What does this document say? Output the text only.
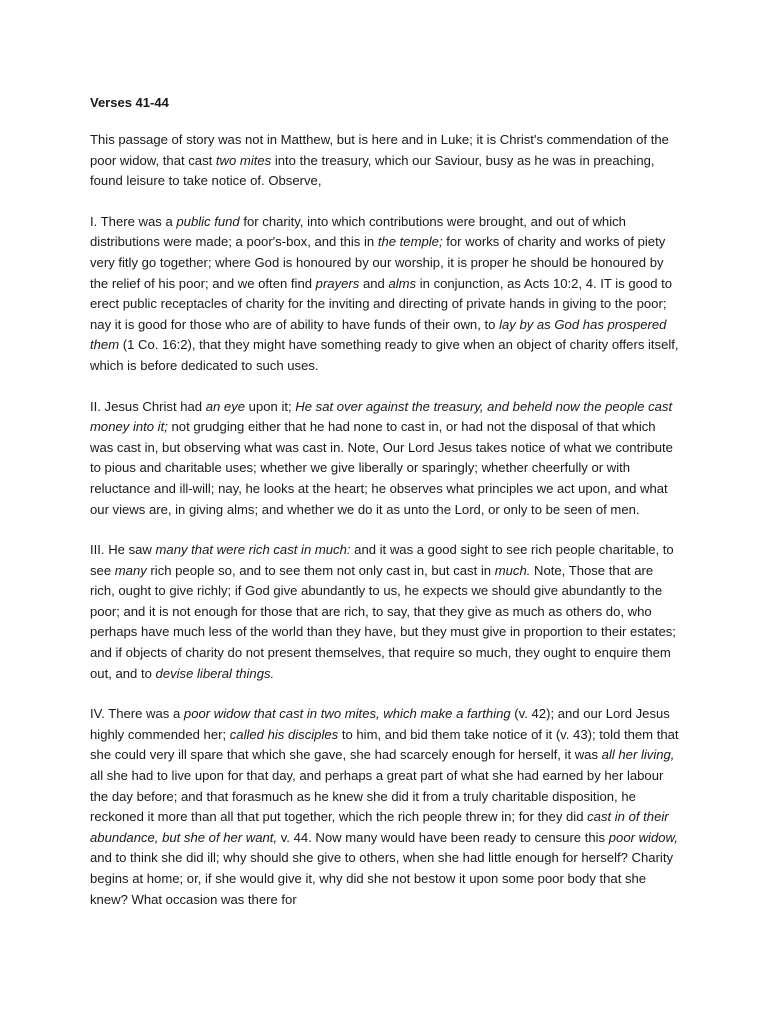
Verses 41-44
This passage of story was not in Matthew, but is here and in Luke; it is Christ's commendation of the poor widow, that cast two mites into the treasury, which our Saviour, busy as he was in preaching, found leisure to take notice of. Observe,
I. There was a public fund for charity, into which contributions were brought, and out of which distributions were made; a poor's-box, and this in the temple; for works of charity and works of piety very fitly go together; where God is honoured by our worship, it is proper he should be honoured by the relief of his poor; and we often find prayers and alms in conjunction, as Acts 10:2, 4. IT is good to erect public receptacles of charity for the inviting and directing of private hands in giving to the poor; nay it is good for those who are of ability to have funds of their own, to lay by as God has prospered them (1 Co. 16:2), that they might have something ready to give when an object of charity offers itself, which is before dedicated to such uses.
II. Jesus Christ had an eye upon it; He sat over against the treasury, and beheld now the people cast money into it; not grudging either that he had none to cast in, or had not the disposal of that which was cast in, but observing what was cast in. Note, Our Lord Jesus takes notice of what we contribute to pious and charitable uses; whether we give liberally or sparingly; whether cheerfully or with reluctance and ill-will; nay, he looks at the heart; he observes what principles we act upon, and what our views are, in giving alms; and whether we do it as unto the Lord, or only to be seen of men.
III. He saw many that were rich cast in much: and it was a good sight to see rich people charitable, to see many rich people so, and to see them not only cast in, but cast in much. Note, Those that are rich, ought to give richly; if God give abundantly to us, he expects we should give abundantly to the poor; and it is not enough for those that are rich, to say, that they give as much as others do, who perhaps have much less of the world than they have, but they must give in proportion to their estates; and if objects of charity do not present themselves, that require so much, they ought to enquire them out, and to devise liberal things.
IV. There was a poor widow that cast in two mites, which make a farthing (v. 42); and our Lord Jesus highly commended her; called his disciples to him, and bid them take notice of it (v. 43); told them that she could very ill spare that which she gave, she had scarcely enough for herself, it was all her living, all she had to live upon for that day, and perhaps a great part of what she had earned by her labour the day before; and that forasmuch as he knew she did it from a truly charitable disposition, he reckoned it more than all that put together, which the rich people threw in; for they did cast in of their abundance, but she of her want, v. 44. Now many would have been ready to censure this poor widow, and to think she did ill; why should she give to others, when she had little enough for herself? Charity begins at home; or, if she would give it, why did she not bestow it upon some poor body that she knew? What occasion was there for
